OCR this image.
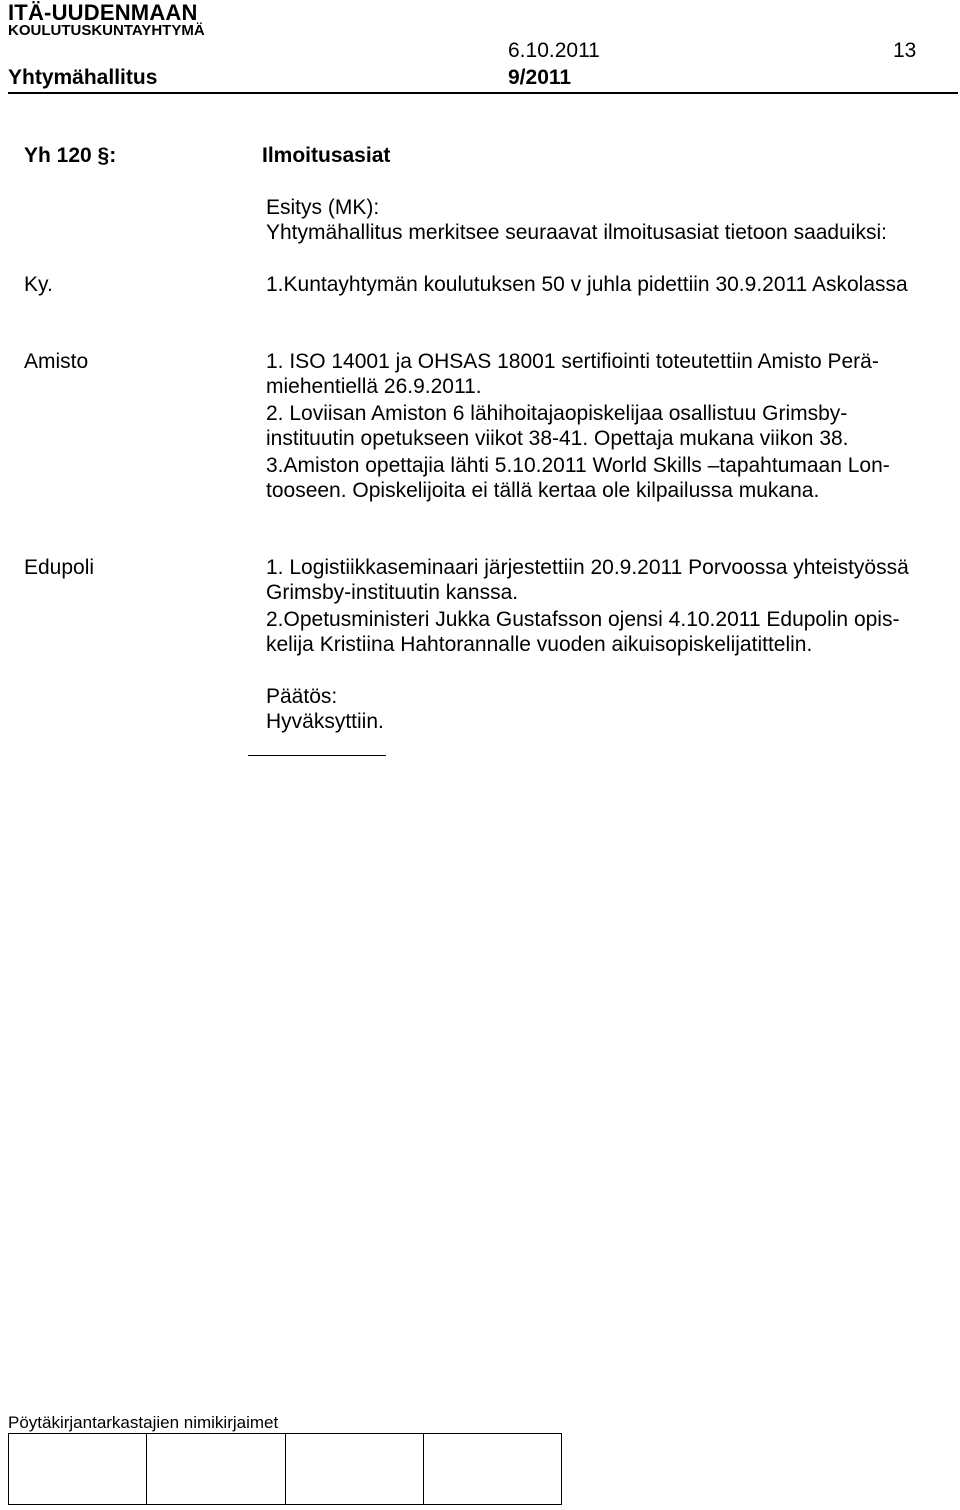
ITÄ-UUDENMAAN
KOULUTUSKUNTAYHTYMÄ
6.10.2011	13
Yhtymähallitus	9/2011
Yh 120 §:	Ilmoitusasiat
Esitys (MK):
Yhtymähallitus merkitsee seuraavat ilmoitusasiat tietoon saaduiksi:
Ky.	1.Kuntayhtymän koulutuksen 50 v juhla pidettiin 30.9.2011 Askolassa
Amisto	1. ISO 14001 ja OHSAS 18001 sertifiointi toteutettiin Amisto Perä-
miehentiellä 26.9.2011.
2. Loviisan Amiston 6 lähihoitajaopiskelijaa osallistuu Grimsby-
instituutin opetukseen viikot 38-41. Opettaja mukana viikon 38.
3.Amiston opettajia lähti 5.10.2011 World Skills –tapahtumaan Lon-
tooseen. Opiskelijoita ei tällä kertaa ole kilpailussa mukana.
Edupoli	1. Logistiikkaseminaari järjestettiin 20.9.2011 Porvoossa yhteistyössä
Grimsby-instituutin kanssa.
2.Opetusministeri Jukka Gustafsson ojensi 4.10.2011 Edupolin opis-
kelija Kristiina Hahtorannalle vuoden aikuisopiskelijatittelin.
Päätös:
Hyväksyttiin.
Pöytäkirjantarkastajien nimikirjaimet
